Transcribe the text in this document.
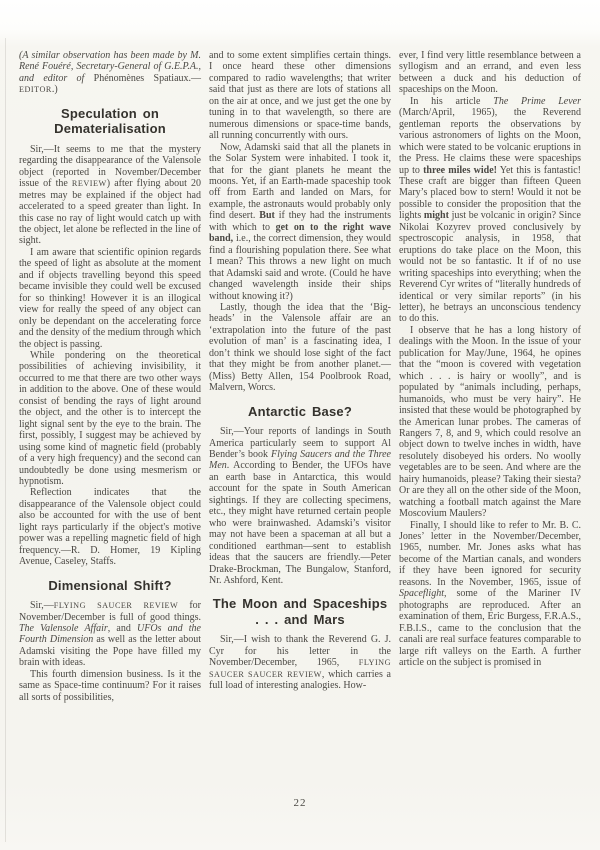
(A similar observation has been made by M. René Fouéré, Secretary-General of G.E.P.A., and editor of Phénomènes Spatiaux.—EDITOR.)

Speculation on
Dematerialisation

Sir,—It seems to me that the mystery regarding the disappearance of the Valensole object (reported in November/December issue of the REVIEW) after flying about 20 metres may be explained if the object had accelerated to a speed greater than light. In this case no ray of light would catch up with the object, let alone be reflected in the line of sight.

I am aware that scientific opinion regards the speed of light as absolute at the moment and if objects travelling beyond this speed became invisible they could well be excused for so thinking! However it is an illogical view for really the speed of any object can only be dependant on the accelerating force and the density of the medium through which the object is passing.

While pondering on the theoretical possibilities of achieving invisibility, it occurred to me that there are two other ways in addition to the above. One of these would consist of bending the rays of light around the object, and the other is to intercept the light signal sent by the eye to the brain. The first, possibly, I suggest may be achieved by using some kind of magnetic field (probably of a very high frequency) and the second can undoubtedly be done using mesmerism or hypnotism.

Reflection indicates that the disappearance of the Valensole object could also be accounted for with the use of bent light rays particularly if the object's motive power was a repelling magnetic field of high frequency.—R. D. Homer, 19 Kipling Avenue, Caseley, Staffs.

Dimensional Shift?

Sir,—FLYING SAUCER REVIEW for November/December is full of good things. The Valensole Affair, and UFOs and the Fourth Dimension as well as the letter about Adamski visiting the Pope have filled my brain with ideas.

This fourth dimension business. Is it the same as Space-time continuum? For it raises all sorts of possibilities,

and to some extent simplifies certain things. I once heard these other dimensions compared to radio wavelengths; that writer said that just as there are lots of stations all on the air at once, and we just get the one by tuning in to that wavelength, so there are numerous dimensions or space-time bands, all running concurrently with ours.

Now, Adamski said that all the planets in the Solar System were inhabited. I took it, that for the giant planets he meant the moons. Yet, if an Earth-made spaceship took off from Earth and landed on Mars, for example, the astronauts would probably only find desert. But if they had the instruments with which to get on to the right wave band, i.e., the correct dimension, they would find a flourishing population there. See what I mean? This throws a new light on much that Adamski said and wrote. (Could he have changed wavelength inside their ships without knowing it?)

Lastly, though the idea that the ‘Big-heads’ in the Valensole affair are an ‘extrapolation into the future of the past evolution of man’ is a fascinating idea, I don’t think we should lose sight of the fact that they might be from another planet.—(Miss) Betty Allen, 154 Poolbrook Road, Malvern, Worcs.

Antarctic Base?

Sir,—Your reports of landings in South America particularly seem to support Al Bender’s book Flying Saucers and the Three Men. According to Bender, the UFOs have an earth base in Antarctica, this would account for the spate in South American sightings. If they are collecting specimens, etc., they might have returned certain people who were brainwashed. Adamski’s visitor may not have been a spaceman at all but a conditioned earthman—sent to establish ideas that the saucers are friendly.—Peter Drake-Brockman, The Bungalow, Stanford, Nr. Ashford, Kent.

The Moon and Spaceships
. . . and Mars

Sir,—I wish to thank the Reverend G. J. Cyr for his letter in the November/December, 1965, FLYING SAUCER SAUCER REVIEW, which carries a full load of interesting analogies. How-

ever, I find very little resemblance between a syllogism and an errand, and even less between a duck and his deduction of spaceships on the Moon.

In his article The Prime Lever (March/April, 1965), the Reverend gentleman reports the observations by various astronomers of lights on the Moon, which were stated to be volcanic eruptions in the Press. He claims these were spaceships up to three miles wide! Yet this is fantastic! These craft are bigger than fifteen Queen Mary’s placed bow to stern! Would it not be possible to consider the proposition that the lights might just be volcanic in origin? Since Nikolai Kozyrev proved conclusively by spectroscopic analysis, in 1958, that eruptions do take place on the Moon, this would not be so fantastic. It if of no use writing spaceships into everything; when the Reverend Cyr writes of “literally hundreds of identical or very similar reports” (in his letter), he betrays an unconscious tendency to do this.

I observe that he has a long history of dealings with the Moon. In the issue of your publication for May/June, 1964, he opines that the “moon is covered with vegetation which . . . is hairy or woolly”, and is populated by “animals including, perhaps, humanoids, who must be very hairy”. He insisted that these would be photographed by the American lunar probes. The cameras of Rangers 7, 8, and 9, which could resolve an object down to twelve inches in width, have resolutely disobeyed his orders. No woolly vegetables are to be seen. And where are the hairy humanoids, please? Taking their siesta? Or are they all on the other side of the Moon, watching a football match against the Mare Moscovium Maulers?

Finally, I should like to refer to Mr. B. C. Jones’ letter in the November/December, 1965, number. Mr. Jones asks what has become of the Martian canals, and wonders if they have been ignored for security reasons. In the November, 1965, issue of Spaceflight, some of the Mariner IV photographs are reproduced. After an examination of them, Eric Burgess, F.R.A.S., F.B.I.S., came to the conclusion that the canali are real surface features comparable to large rift valleys on the Earth. A further article on the subject is promised in

22
